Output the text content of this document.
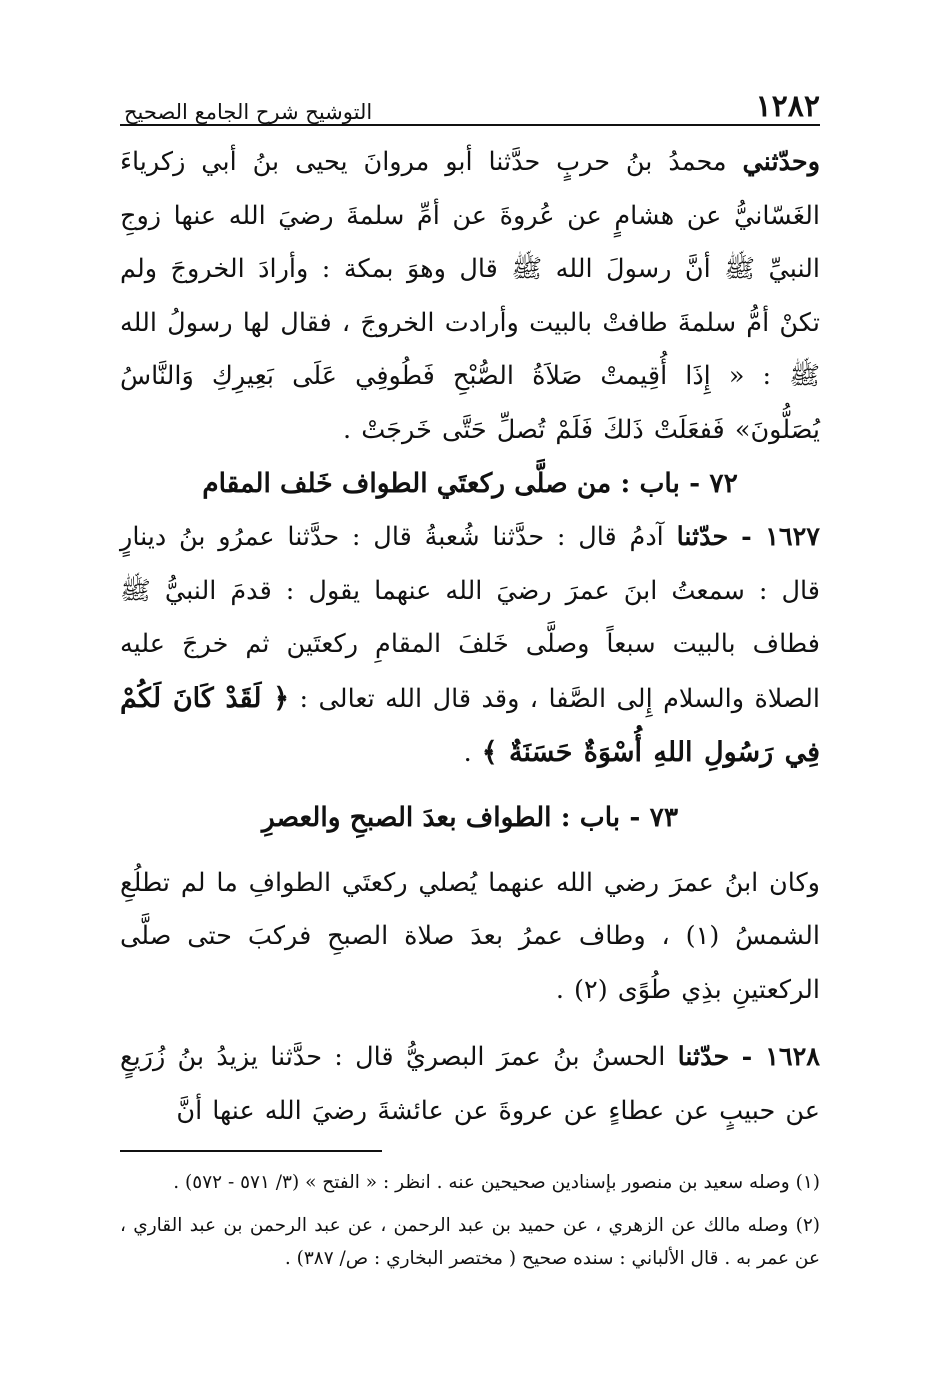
١٢٨٢
التوشيح شرح الجامع الصحيح

وحدّثني محمدُ بنُ حربٍ حدَّثنا أبو مروانَ يحيى بنُ أبي زكرياءَ الغَسّانيُّ عن هشامٍ عن عُروةَ عن أمِّ سلمةَ رضيَ الله عنها زوجِ النبيِّ ﷺ أنَّ رسولَ الله ﷺ قال وهوَ بمكة : وأرادَ الخروجَ ولم تكنْ أمُّ سلمةَ طافتْ بالبيت وأرادت الخروجَ ، فقال لها رسولُ الله ﷺ : « إِذَا أُقِيمتْ صَلاَةُ الصُّبْحِ فَطُوفِي عَلَى بَعِيرِكِ وَالنَّاسُ يُصَلُّونَ» فَفعَلَتْ ذَلكَ فَلَمْ تُصلِّ حَتَّى خَرجَتْ .

٧٢ - باب : من صلَّى ركعتَي الطواف خَلف المقام

١٦٢٧ - حدّثنا آدمُ قال : حدَّثنا شُعبةُ قال : حدَّثنا عمرُو بنُ دينارٍ قال : سمعتُ ابنَ عمرَ رضيَ الله عنهما يقول : قدمَ النبيُّ ﷺ فطاف بالبيت سبعاً وصلَّى خَلفَ المقامِ ركعتَين ثم خرجَ عليه الصلاة والسلام إِلى الصَّفا ، وقد قال الله تعالى : ﴿ لَقَدْ كَانَ لَكُمْ فِي رَسُولِ اللهِ أُسْوَةٌ حَسَنَةٌ ﴾ .

٧٣ - باب : الطواف بعدَ الصبحِ والعصرِ

وكان ابنُ عمرَ رضي الله عنهما يُصلي ركعتَي الطوافِ ما لم تطلُعِ الشمسُ (١) ، وطاف عمرُ بعدَ صلاة الصبحِ فركبَ حتى صلَّى الركعتينِ بذِي طُوًى (٢) .

١٦٢٨ - حدّثنا الحسنُ بنُ عمرَ البصريُّ قال : حدَّثنا يزيدُ بنُ زُرَيعٍ عن حبيبٍ عن عطاءٍ عن عروةَ عن عائشةَ رضيَ الله عنها أنَّ

(١) وصله سعيد بن منصور بإسنادين صحيحين عنه . انظر : « الفتح » (٣/ ٥٧١ - ٥٧٢) .

(٢) وصله مالك عن الزهري ، عن حميد بن عبد الرحمن ، عن عبد الرحمن بن عبد القاري ، عن عمر به . قال الألباني : سنده صحيح ( مختصر البخاري : ص/ ٣٨٧) .
